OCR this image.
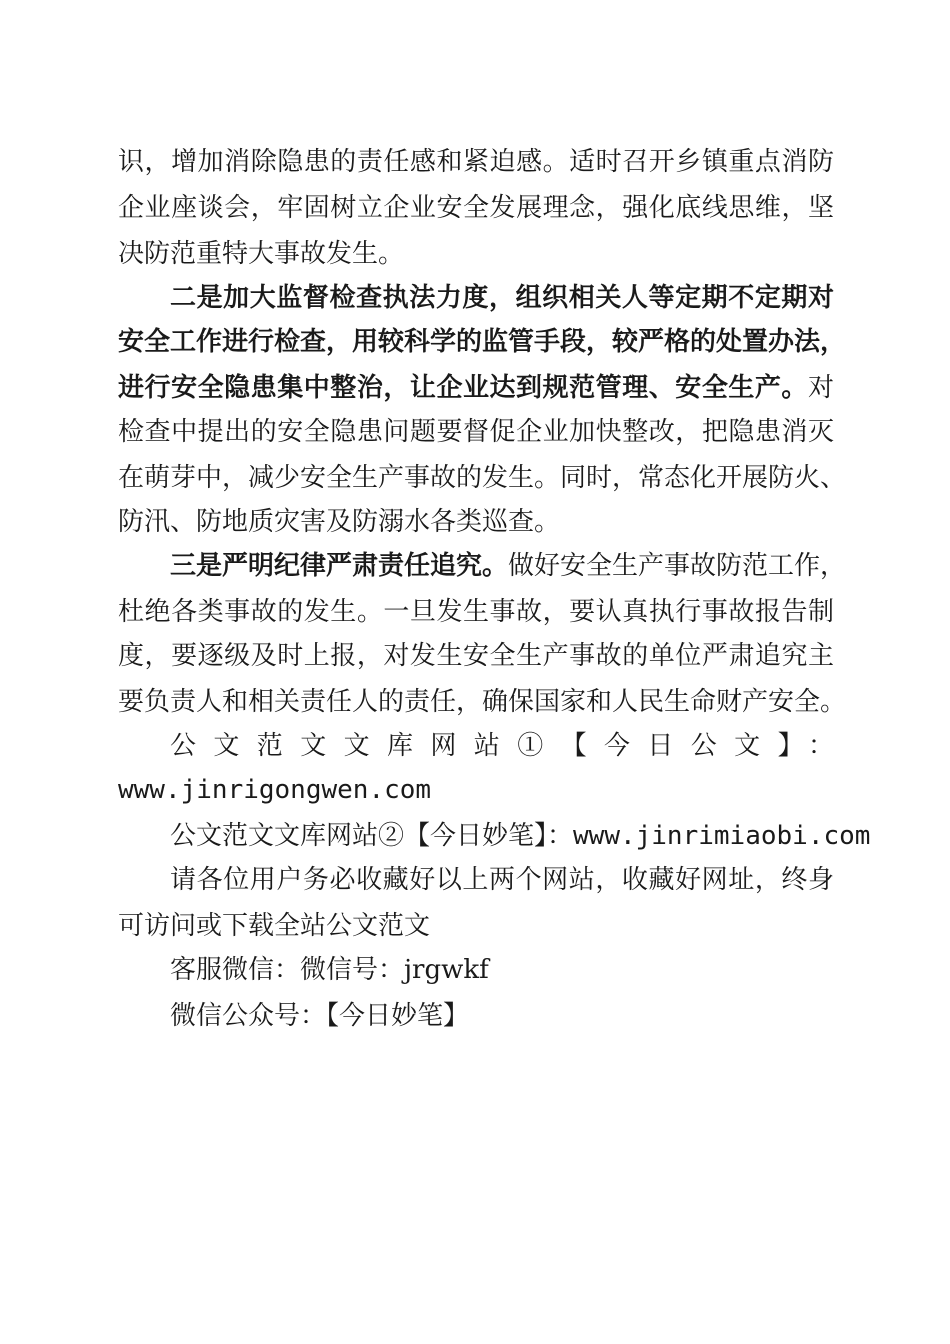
识，增加消除隐患的责任感和紧迫感。适时召开乡镇重点消防
企业座谈会，牢固树立企业安全发展理念，强化底线思维，坚
决防范重特大事故发生。
二是加大监督检查执法力度，组织相关人等定期不定期对
安全工作进行检查，用较科学的监管手段，较严格的处置办法，
进行安全隐患集中整治，让企业达到规范管理、安全生产。对
检查中提出的安全隐患问题要督促企业加快整改，把隐患消灭
在萌芽中，减少安全生产事故的发生。同时，常态化开展防火、
防汛、防地质灾害及防溺水各类巡查。
三是严明纪律严肃责任追究。做好安全生产事故防范工作，
杜绝各类事故的发生。一旦发生事故，要认真执行事故报告制
度，要逐级及时上报，对发生安全生产事故的单位严肃追究主
要负责人和相关责任人的责任，确保国家和人民生命财产安全。
公文范文文库网站①【今日公文】：
www.jinrigongwen.com
公文范文文库网站②【今日妙笔】：www.jinrimiaobi.com
请各位用户务必收藏好以上两个网站，收藏好网址，终身
可访问或下载全站公文范文
客服微信：微信号：jrgwkf
微信公众号：【今日妙笔】
